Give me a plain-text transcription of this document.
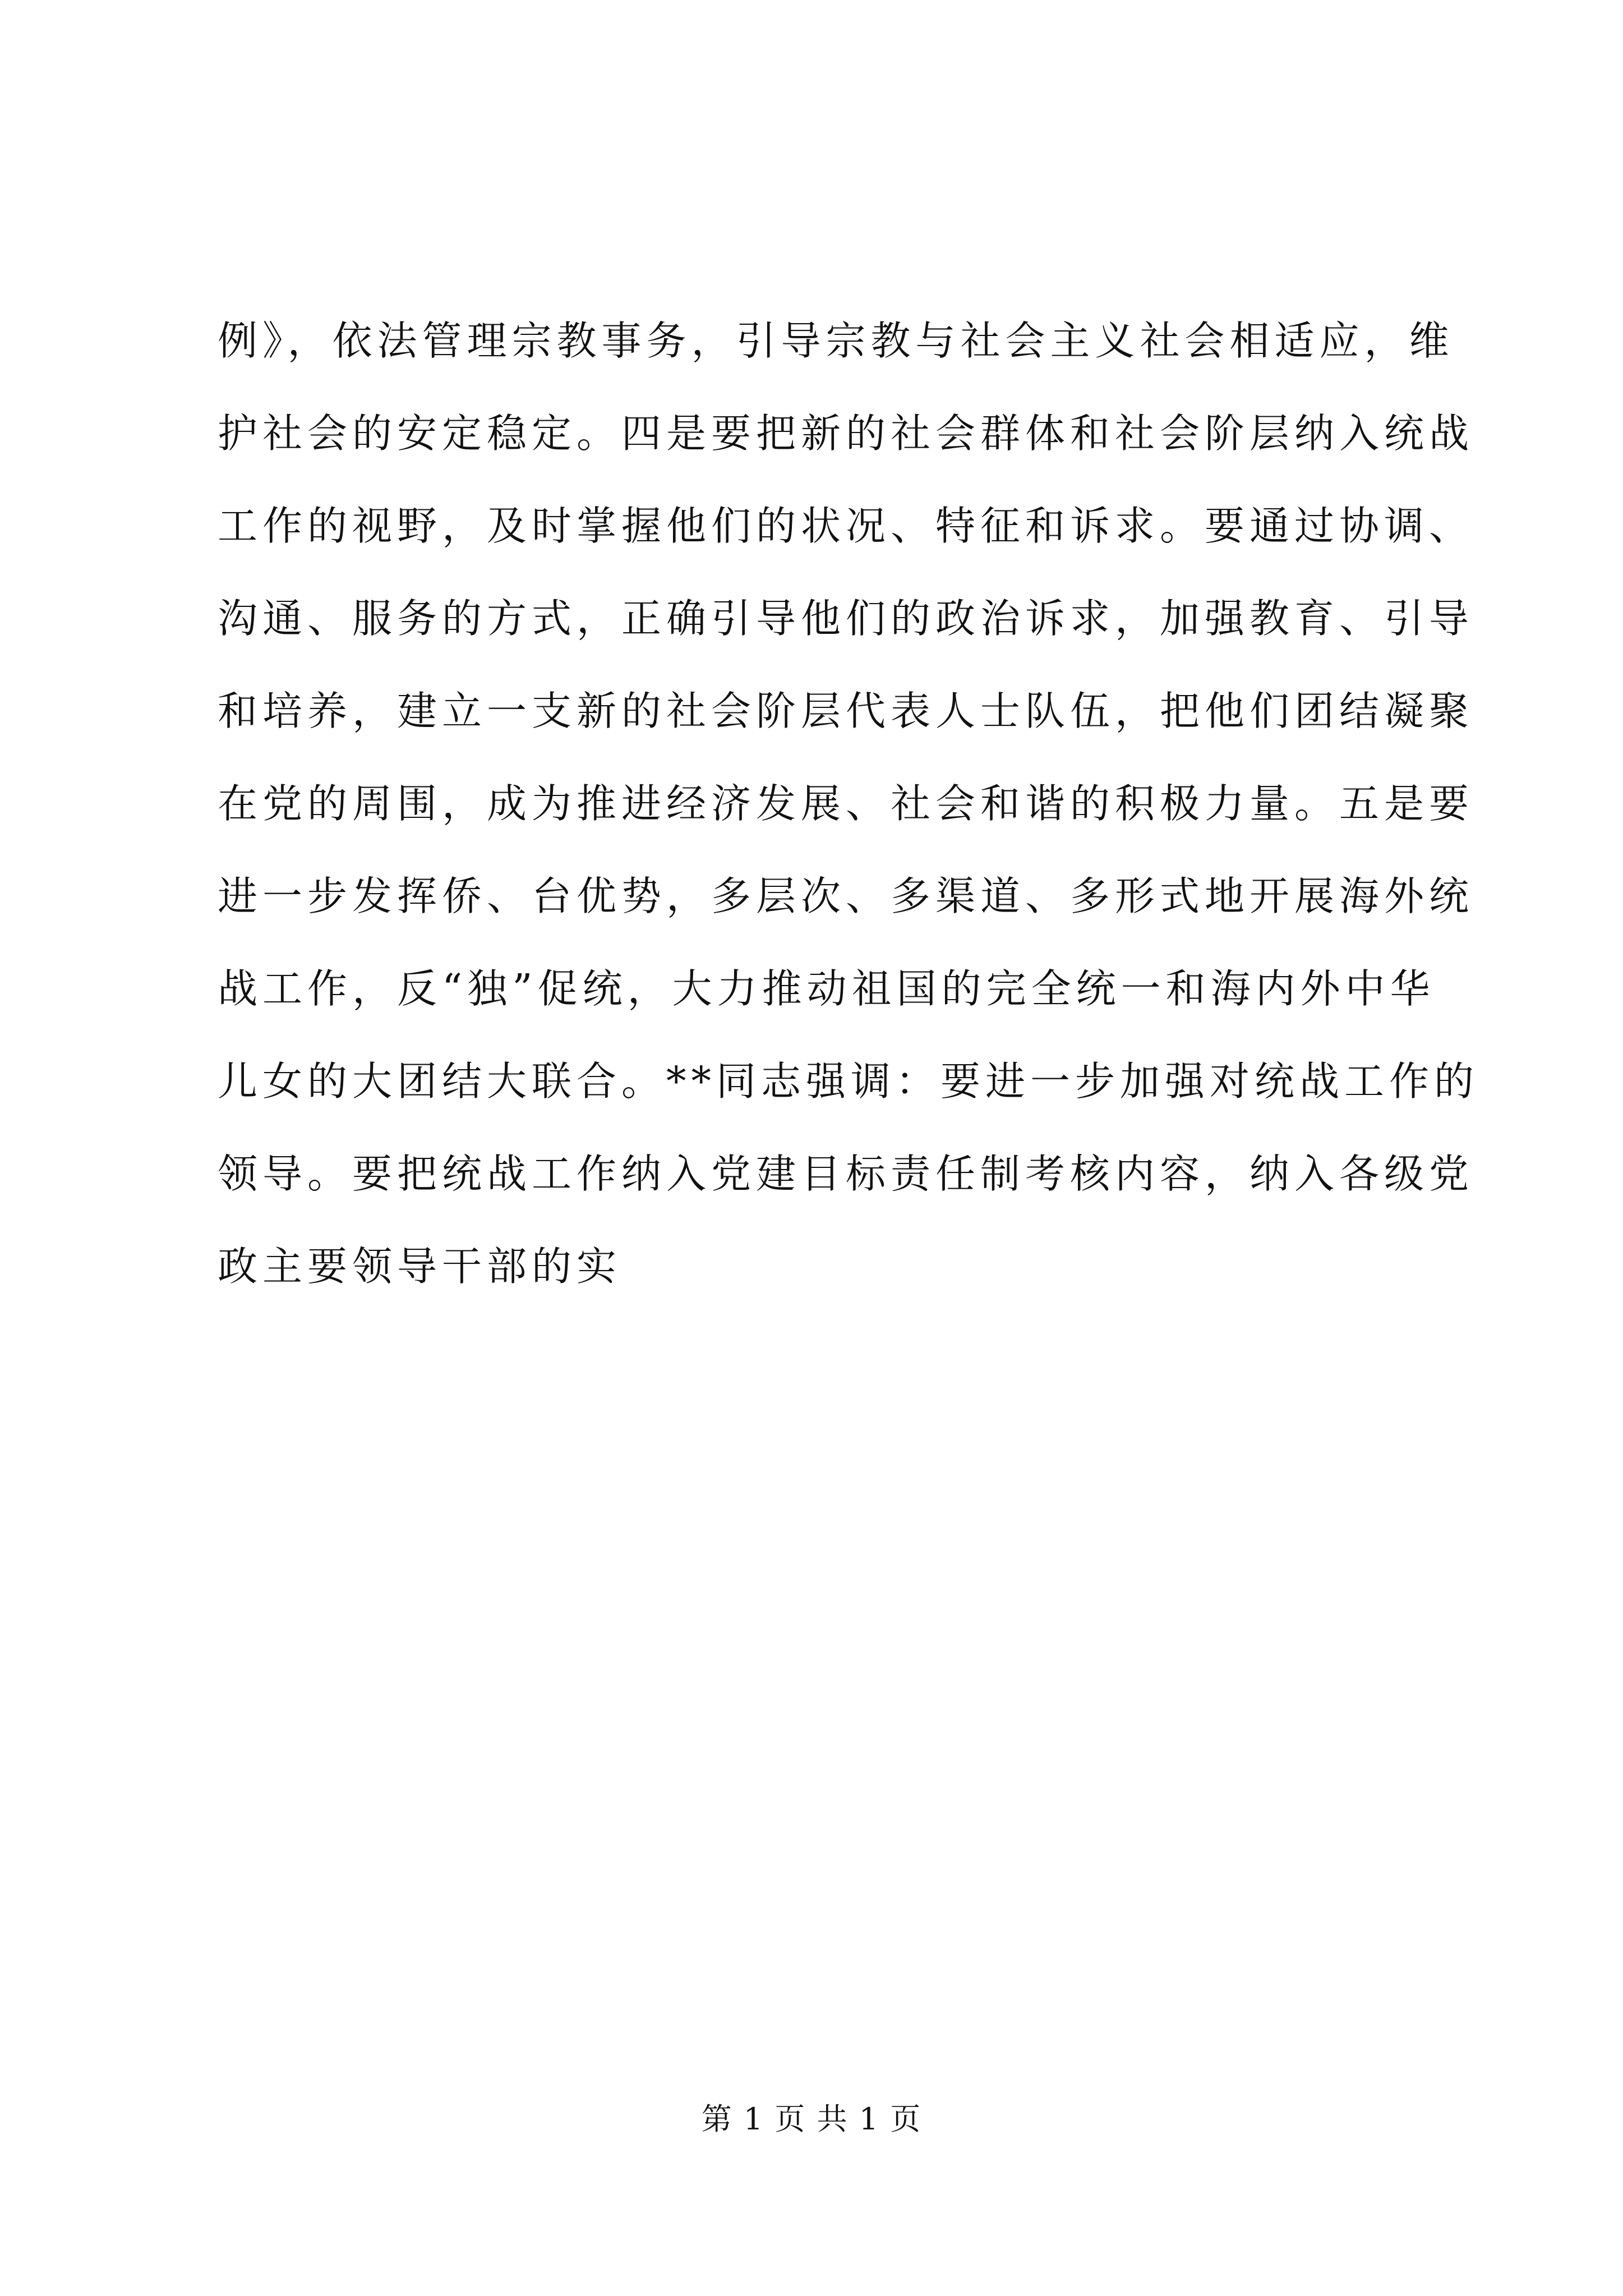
例》，依法管理宗教事务，引导宗教与社会主义社会相适应，维
护社会的安定稳定。四是要把新的社会群体和社会阶层纳入统战
工作的视野，及时掌握他们的状况、特征和诉求。要通过协调、
沟通、服务的方式，正确引导他们的政治诉求，加强教育、引导
和培养，建立一支新的社会阶层代表人士队伍，把他们团结凝聚
在党的周围，成为推进经济发展、社会和谐的积极力量。五是要
进一步发挥侨、台优势，多层次、多渠道、多形式地开展海外统
战工作，反“独”促统，大力推动祖国的完全统一和海内外中华
儿女的大团结大联合。**同志强调：要进一步加强对统战工作的
领导。要把统战工作纳入党建目标责任制考核内容，纳入各级党
政主要领导干部的实
第 1 页 共 1 页
